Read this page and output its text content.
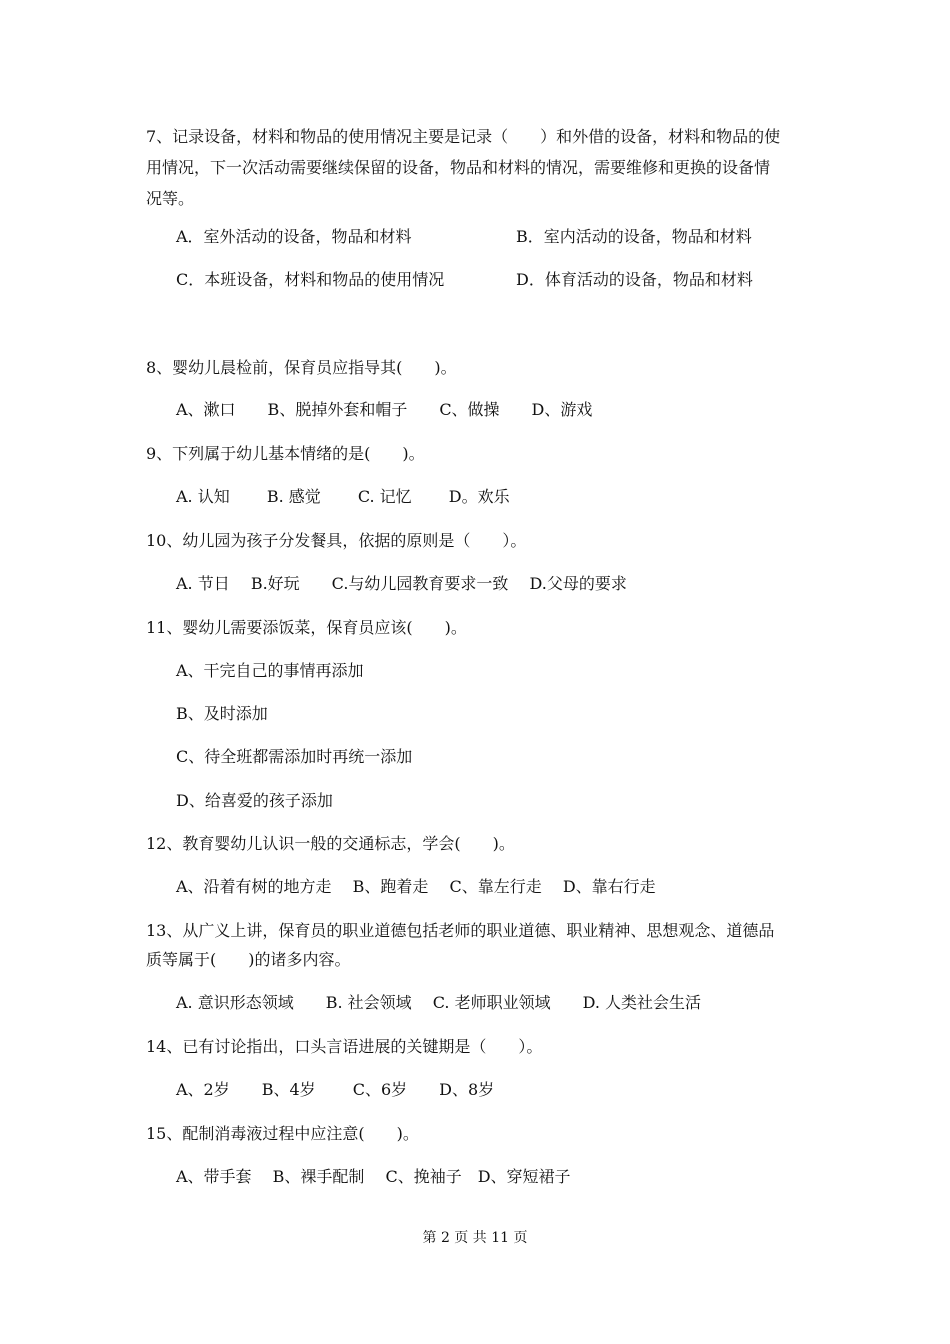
7、记录设备，材料和物品的使用情况主要是记录（　　）和外借的设备，材料和物品的使
用情况，下一次活动需要继续保留的设备，物品和材料的情况，需要维修和更换的设备情
况等。
A．室外活动的设备，物品和材料	B．室内活动的设备，物品和材料
C．本班设备，材料和物品的使用情况	D．体育活动的设备，物品和材料
8、婴幼儿晨检前，保育员应指导其(　　)。
A、漱口　　B、脱掉外套和帽子　　C、做操　　D、游戏
9、下列属于幼儿基本情绪的是(　　)。
A. 认知　　 B. 感觉　　 C. 记忆　　 D。欢乐
10、幼儿园为孩子分发餐具，依据的原则是（　　）。
A. 节日　 B.好玩　　C.与幼儿园教育要求一致　 D.父母的要求
11、婴幼儿需要添饭菜，保育员应该(　　)。
A、干完自己的事情再添加
B、及时添加
C、待全班都需添加时再统一添加
D、给喜爱的孩子添加
12、教育婴幼儿认识一般的交通标志，学会(　　)。
A、沿着有树的地方走　 B、跑着走　 C、靠左行走　 D、靠右行走
13、从广义上讲，保育员的职业道德包括老师的职业道德、职业精神、思想观念、道德品
质等属于(　　)的诸多内容。
A. 意识形态领域　　B. 社会领域　 C. 老师职业领域　　D. 人类社会生活
14、已有讨论指出，口头言语进展的关键期是（　　）。
A、2岁　　B、4岁　　 C、6岁　　D、8岁
15、配制消毒液过程中应注意(　　)。
A、带手套　 B、裸手配制　 C、挽袖子　D、穿短裙子
第 2 页 共 11 页
